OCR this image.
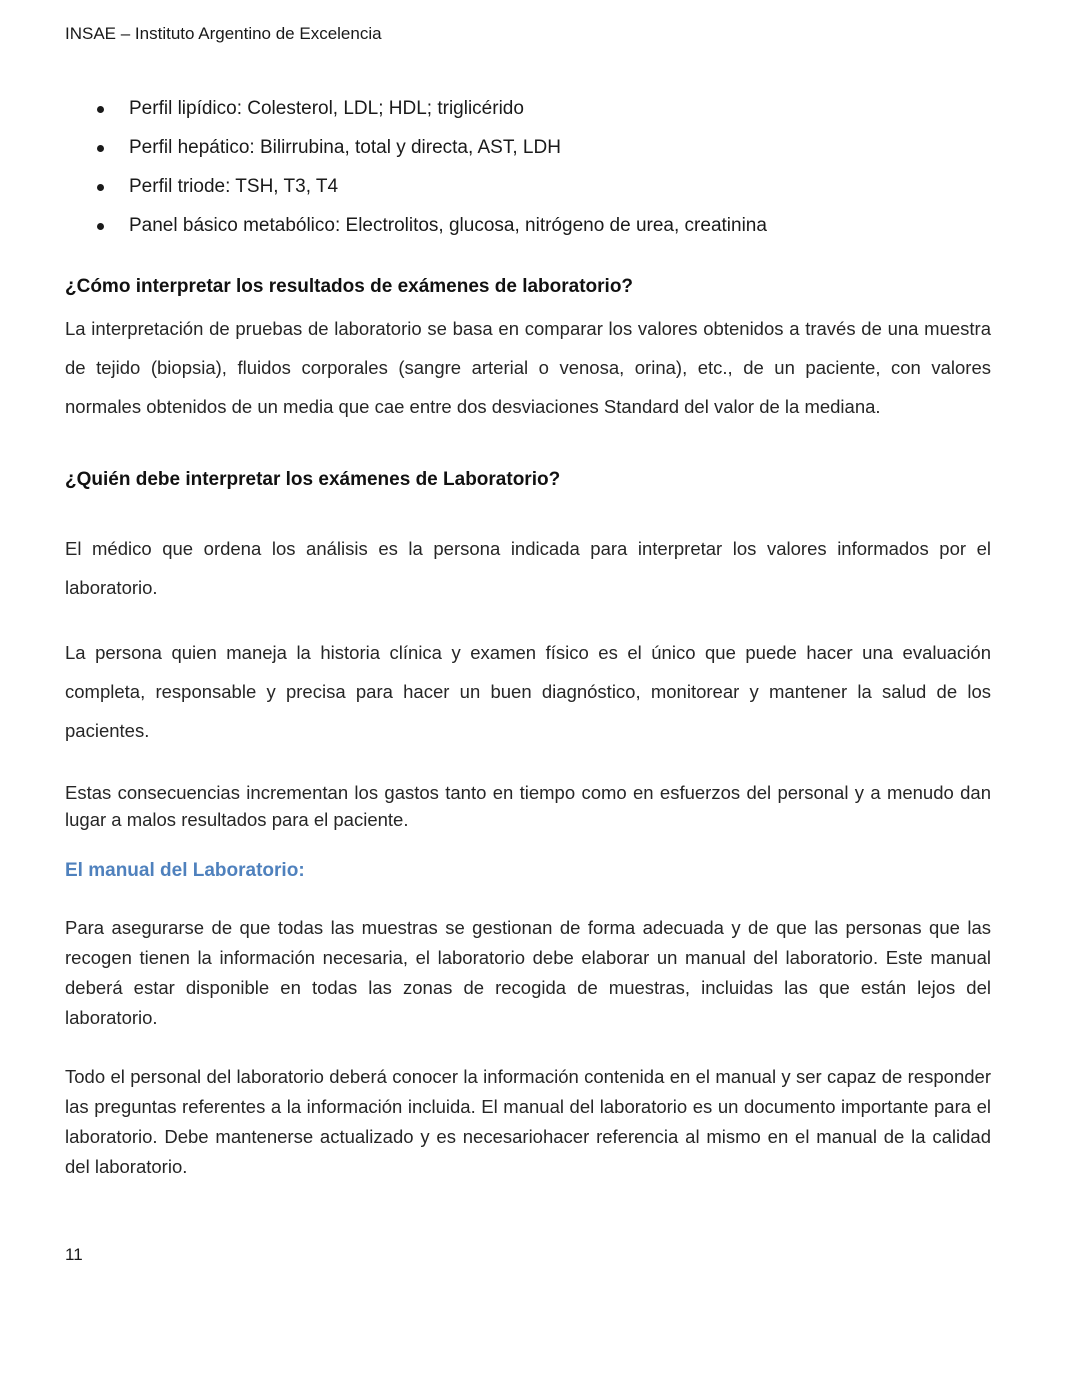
INSAE – Instituto Argentino de Excelencia
Perfil lipídico: Colesterol, LDL; HDL; triglicérido
Perfil hepático: Bilirrubina, total y directa, AST, LDH
Perfil triode: TSH, T3, T4
Panel básico metabólico: Electrolitos, glucosa, nitrógeno de urea, creatinina
¿Cómo interpretar los resultados de exámenes de laboratorio?
La interpretación de pruebas de laboratorio se basa en comparar los valores obtenidos a través de una muestra de tejido (biopsia), fluidos corporales (sangre arterial o venosa, orina), etc., de un paciente, con valores normales obtenidos de un media que cae entre dos desviaciones Standard del valor de la mediana.
¿Quién debe interpretar los exámenes de Laboratorio?
El médico que ordena los análisis es la persona indicada para interpretar los valores informados por el laboratorio.
La persona quien maneja la historia clínica y examen físico es el único que puede hacer una evaluación completa, responsable y precisa para hacer un buen diagnóstico, monitorear y mantener la salud de los pacientes.
Estas consecuencias incrementan los gastos tanto en tiempo como en esfuerzos del personal y a menudo dan lugar a malos resultados para el paciente.
El manual del Laboratorio:
Para asegurarse de que todas las muestras se gestionan de forma adecuada y de que las personas que las recogen tienen la información necesaria, el laboratorio debe elaborar un manual del laboratorio. Este manual deberá estar disponible en todas las zonas de recogida de muestras, incluidas las que están lejos del laboratorio.
Todo el personal del laboratorio deberá conocer la información contenida en el manual y ser capaz de responder las preguntas referentes a la información incluida. El manual del laboratorio es un documento importante para el laboratorio. Debe mantenerse actualizado y es necesariohacer referencia al mismo en el manual de la calidad del laboratorio.
11
